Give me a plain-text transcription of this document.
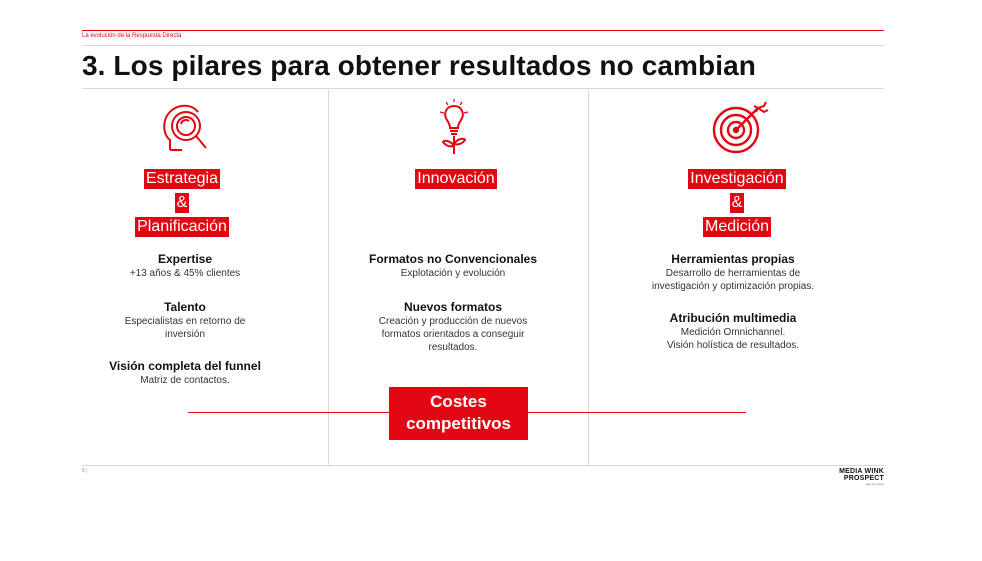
La evolución de la Respuesta Directa
3. Los pilares para obtener resultados no cambian
Estrategia
&
Planificación
Expertise
+13 años & 45% clientes
Talento
Especialistas en retorno de
inversión
Visión completa del funnel
Matriz de contactos.
Innovación
Formatos no Convencionales
Explotación y evolución
Nuevos formatos
Creación y producción de nuevos
formatos orientados a conseguir
resultados.
Investigación
&
Medición
Herramientas propias
Desarrollo de herramientas de
investigación y optimización propias.
Atribución multimedia
Medición Omnichannel.
Visión holística de resultados.
Costes
competitivos
8 |	MEDIA WINK
PROSPECT
agency group
